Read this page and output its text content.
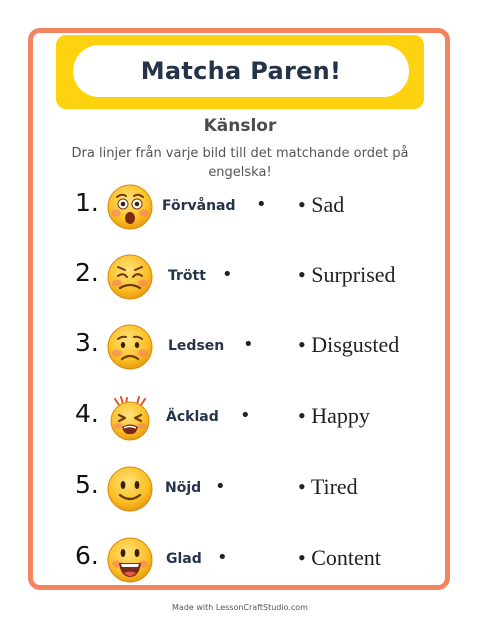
Matcha Paren!
Känslor
Dra linjer från varje bild till det matchande ordet på engelska!
1.	Förvånad • • Sad
2.	Trött •	• Surprised
3.	Ledsen • • Disgusted
4.	Äcklad • • Happy
5.	Nöjd •	• Tired
6.	Glad •	• Content
Made with LessonCraftStudio.com
